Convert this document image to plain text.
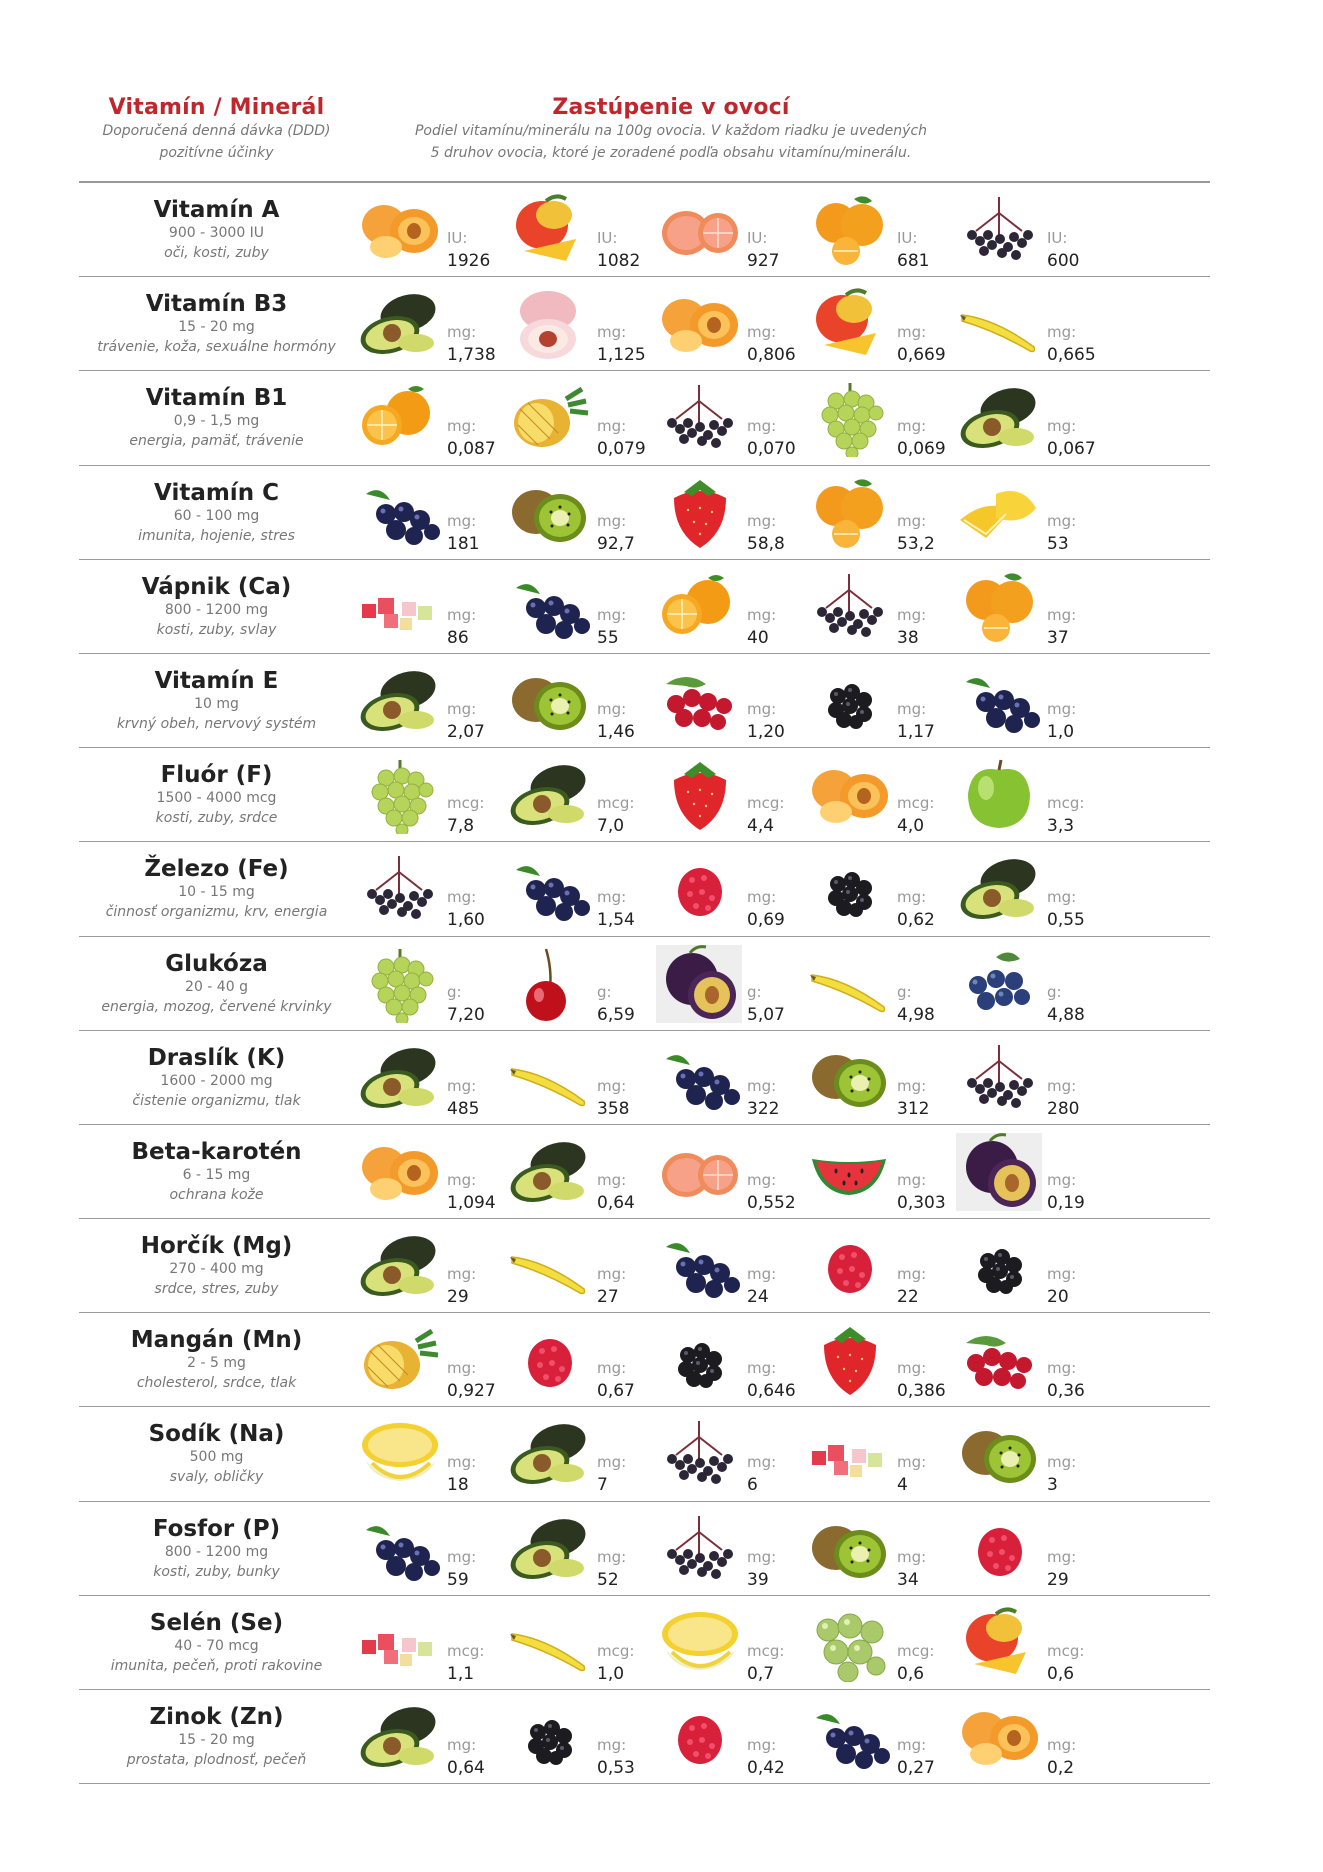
Vitamín / Minerál
Doporučená denná dávka (DDD)
pozitívne účinky
Zastúpenie v ovocí
Podiel vitamínu/minerálu na 100g ovocia. V každom riadku je uvedených
5 druhov ovocia, ktoré je zoradené podľa obsahu vitamínu/minerálu.
Vitamín A
900 - 3000 IU
oči, kosti, zuby
IU:
1926
IU:
1082
IU:
927
IU:
681
IU:
600
Vitamín B3
15 - 20 mg
trávenie, koža, sexuálne hormóny
mg:
1,738
mg:
1,125
mg:
0,806
mg:
0,669
mg:
0,665
Vitamín B1
0,9 - 1,5 mg
energia, pamäť, trávenie
mg:
0,087
mg:
0,079
mg:
0,070
mg:
0,069
mg:
0,067
Vitamín C
60 - 100 mg
imunita, hojenie, stres
mg:
181
mg:
92,7
mg:
58,8
mg:
53,2
mg:
53
Vápnik (Ca)
800 - 1200 mg
kosti, zuby, svlay
mg:
86
mg:
55
mg:
40
mg:
38
mg:
37
Vitamín E
10 mg
krvný obeh, nervový systém
mg:
2,07
mg:
1,46
mg:
1,20
mg:
1,17
mg:
1,0
Fluór (F)
1500 - 4000 mcg
kosti, zuby, srdce
mcg:
7,8
mcg:
7,0
mcg:
4,4
mcg:
4,0
mcg:
3,3
Železo (Fe)
10 - 15 mg
činnosť organizmu, krv, energia
mg:
1,60
mg:
1,54
mg:
0,69
mg:
0,62
mg:
0,55
Glukóza
20 - 40 g
energia, mozog, červené krvinky
g:
7,20
g:
6,59
g:
5,07
g:
4,98
g:
4,88
Draslík (K)
1600 - 2000 mg
čistenie organizmu, tlak
mg:
485
mg:
358
mg:
322
mg:
312
mg:
280
Beta-karotén
6 - 15 mg
ochrana kože
mg:
1,094
mg:
0,64
mg:
0,552
mg:
0,303
mg:
0,19
Horčík (Mg)
270 - 400 mg
srdce, stres, zuby
mg:
29
mg:
27
mg:
24
mg:
22
mg:
20
Mangán (Mn)
2 - 5 mg
cholesterol, srdce, tlak
mg:
0,927
mg:
0,67
mg:
0,646
mg:
0,386
mg:
0,36
Sodík (Na)
500 mg
svaly, obličky
mg:
18
mg:
7
mg:
6
mg:
4
mg:
3
Fosfor (P)
800 - 1200 mg
kosti, zuby, bunky
mg:
59
mg:
52
mg:
39
mg:
34
mg:
29
Selén (Se)
40 - 70 mcg
imunita, pečeň, proti rakovine
mcg:
1,1
mcg:
1,0
mcg:
0,7
mcg:
0,6
mcg:
0,6
Zinok (Zn)
15 - 20 mg
prostata, plodnosť, pečeň
mg:
0,64
mg:
0,53
mg:
0,42
mg:
0,27
mg:
0,2
